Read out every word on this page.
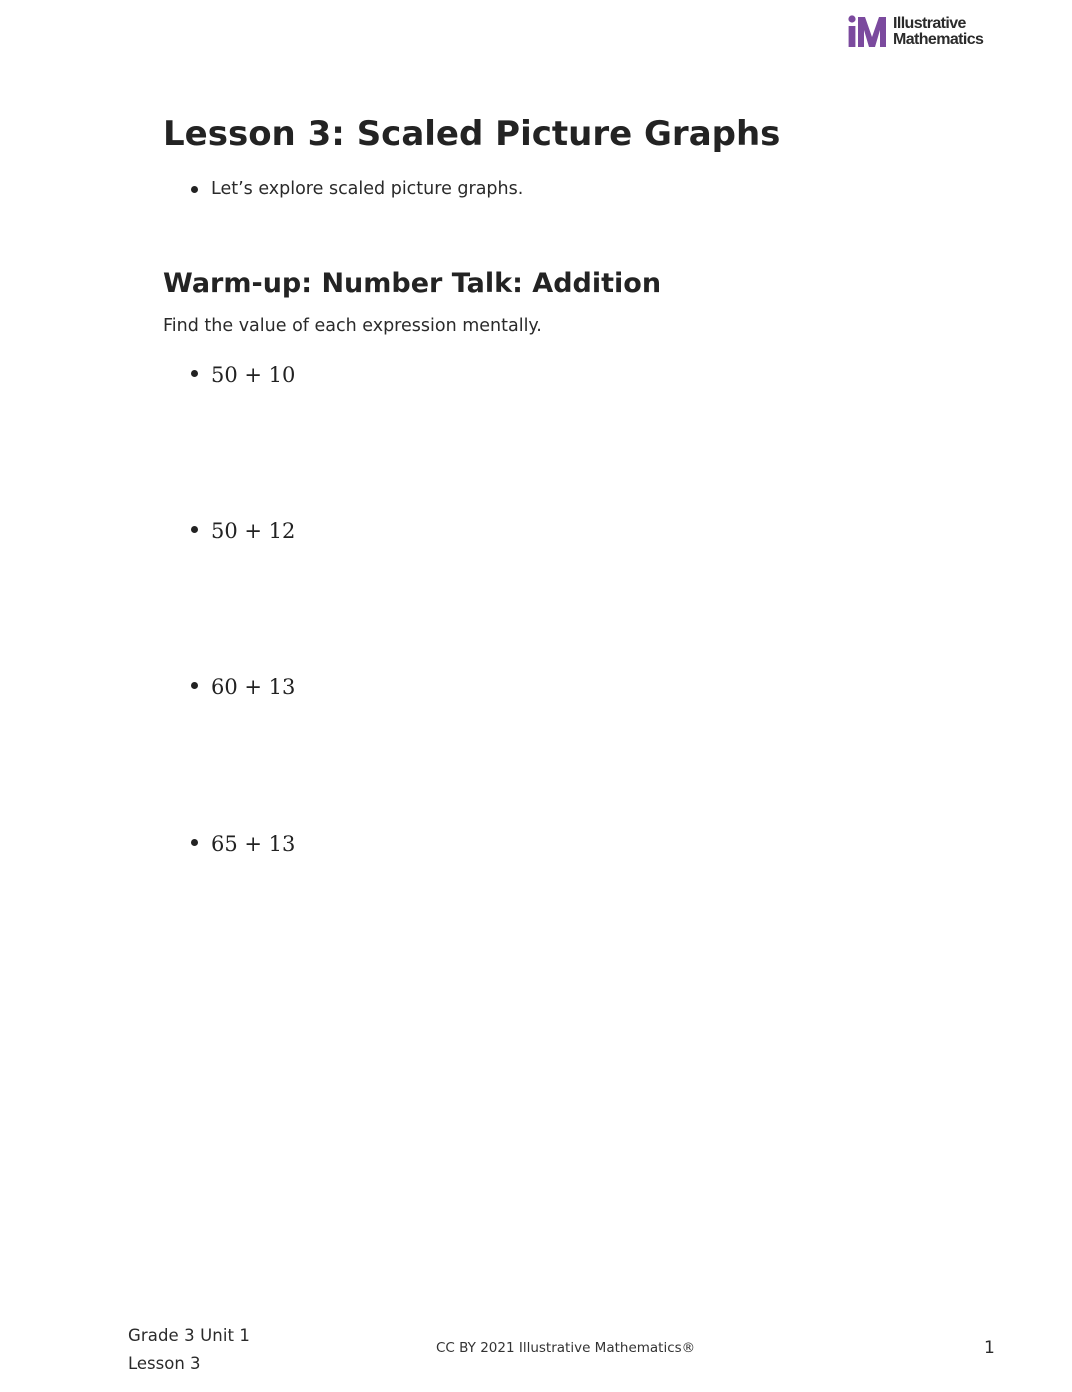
Illustrative
Mathematics
Lesson 3: Scaled Picture Graphs
Let’s explore scaled picture graphs.
Warm-up: Number Talk: Addition

Find the value of each expression mentally.

50 + 10
50 + 12
60 + 13
65 + 13
Grade 3 Unit 1
Lesson 3
CC BY 2021 Illustrative Mathematics®	1
